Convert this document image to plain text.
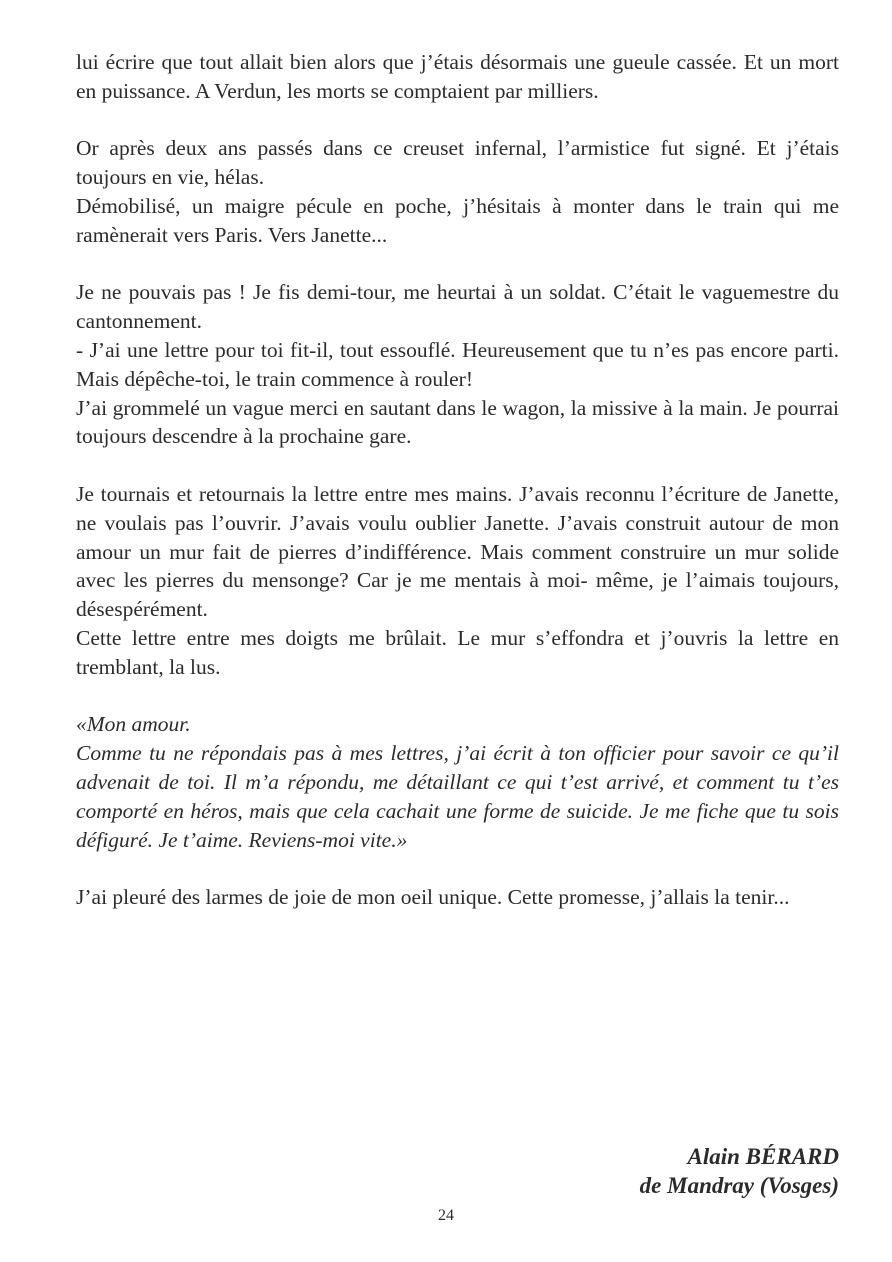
lui écrire que tout allait bien alors que j’étais désormais une gueule cassée. Et un mort en puissance. A Verdun, les morts se comptaient par milliers.

Or après deux ans passés dans ce creuset infernal, l’armistice fut signé. Et j’étais toujours en vie, hélas.

Démobilisé, un maigre pécule en poche, j’hésitais à monter dans le train qui me ramènerait vers Paris. Vers Janette...

Je ne pouvais pas ! Je fis demi-tour, me heurtai à un soldat. C’était le vaguemestre du cantonnement.

- J’ai une lettre pour toi fit-il, tout essouflé. Heureusement que tu n’es pas encore parti. Mais dépêche-toi, le train commence à rouler!

J’ai grommelé un vague merci en sautant dans le wagon, la missive à la main. Je pourrai toujours descendre à la prochaine gare.

Je tournais et retournais la lettre entre mes mains. J’avais reconnu l’écriture de Janette, ne voulais pas l’ouvrir. J’avais voulu oublier Janette. J’avais construit autour de mon amour un mur fait de pierres d’indifférence. Mais comment construire un mur solide avec les pierres du mensonge? Car je me mentais à moi- même, je l’aimais toujours, désespérément.

Cette lettre entre mes doigts me brûlait. Le mur s’effondra et j’ouvris la lettre en tremblant, la lus.

«Mon amour.

Comme tu ne répondais pas à mes lettres, j’ai écrit à ton officier pour savoir ce qu’il advenait de toi. Il m’a répondu, me détaillant ce qui t’est arrivé, et comment tu t’es comporté en héros, mais que cela cachait une forme de suicide. Je me fiche que tu sois défiguré. Je t’aime. Reviens-moi vite.»

J’ai pleuré des larmes de joie de mon oeil unique. Cette promesse, j’allais la tenir...

Alain BÉRARD
de Mandray (Vosges)
24
